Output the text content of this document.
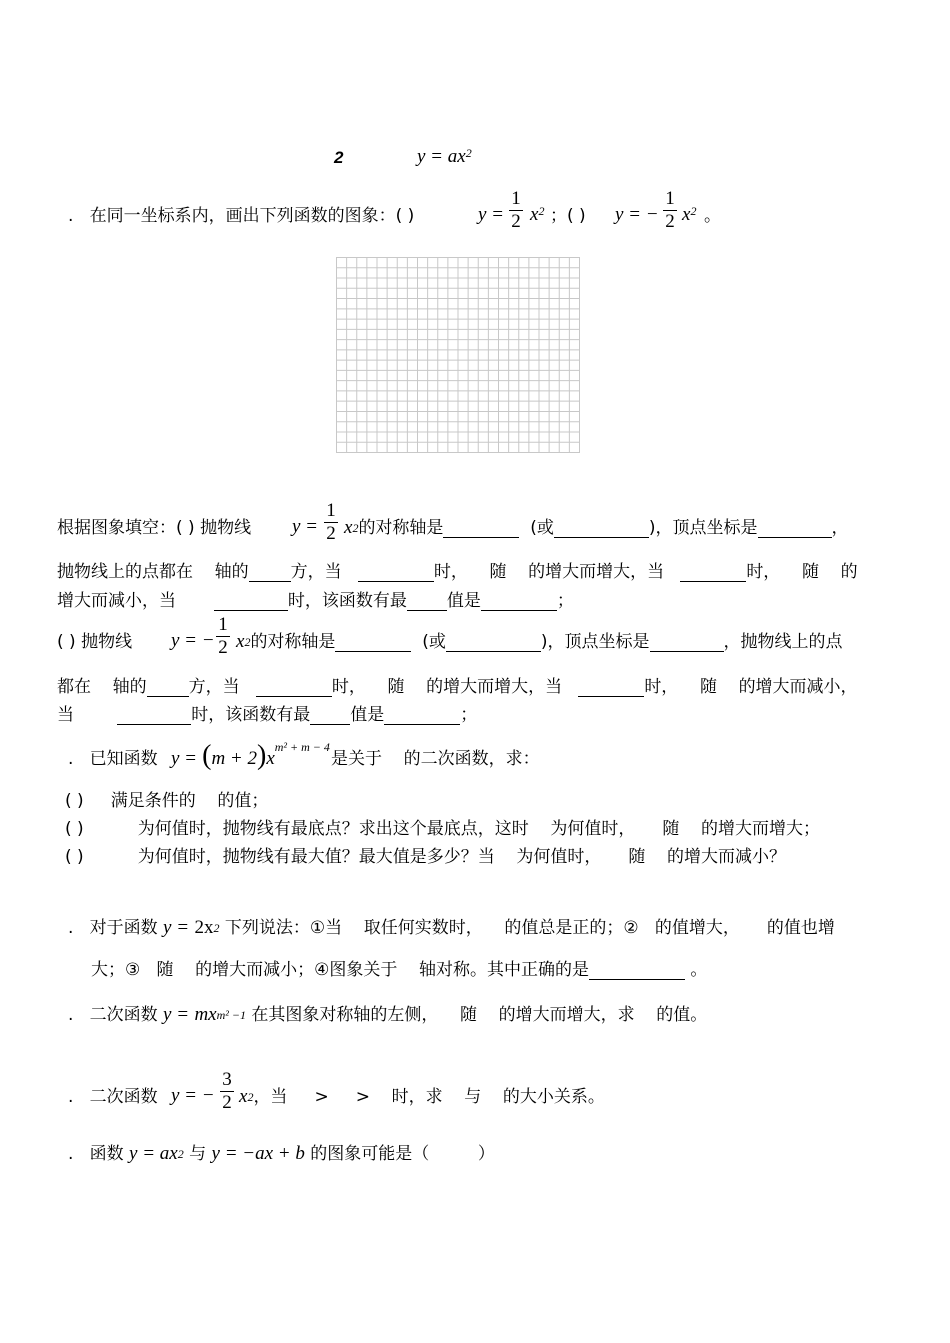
2	$y = ax^2$
. 在同一坐标系内，画出下列函数的图象：( )	y =
1
2 $x^2$ ；( ) y = −
1
2 $x^2$ 。
根据图象填空：( ) 抛物线 y =
1
2 $x^2$的对称轴是	(或	)，顶点坐标是	，
抛物线上的点都在 轴的 方，当	时， 随 的增大而增大，当	时， 随 的
增大而减小，当	时，该函数有最 值是	；
( ) 抛物线 y = −
1
2 $x^2$的对称轴是	(或	)，顶点坐标是	，抛物线上的点
都在 轴的 方，当	时， 随 的增大而增大，当	时， 随 的增大而减小，
当	时，该函数有最 值是	；
. 已知函数 $y = (m + 2)x^{m^2 + m - 4}$
是关于 的二次函数，求：
( ) 满足条件的 的值；
( )	为何值时，抛物线有最底点？求出这个最底点，这时 为何值时， 随 的增大而增大；
( )	为何值时，抛物线有最大值？最大值是多少？当 为何值时， 随 的增大而减小？
. 对于函数 $y = 2x^2$ 下列说法：①当 取任何实数时， 的值总是正的；② 的值增大， 的值也增
大；③ 随 的增大而减小；④图象关于 轴对称。其中正确的是	。
. 二次函数 $y = mx^{m^2 -1}$ 在其图象对称轴的左侧， 随 的增大而增大，求 的值。
. 二次函数 y = −
3
2 $x^2$，当 > > 时，求 与 的大小关系。
. 函数 $y = ax^2$ 与 y = −ax + b 的图象可能是（	）
